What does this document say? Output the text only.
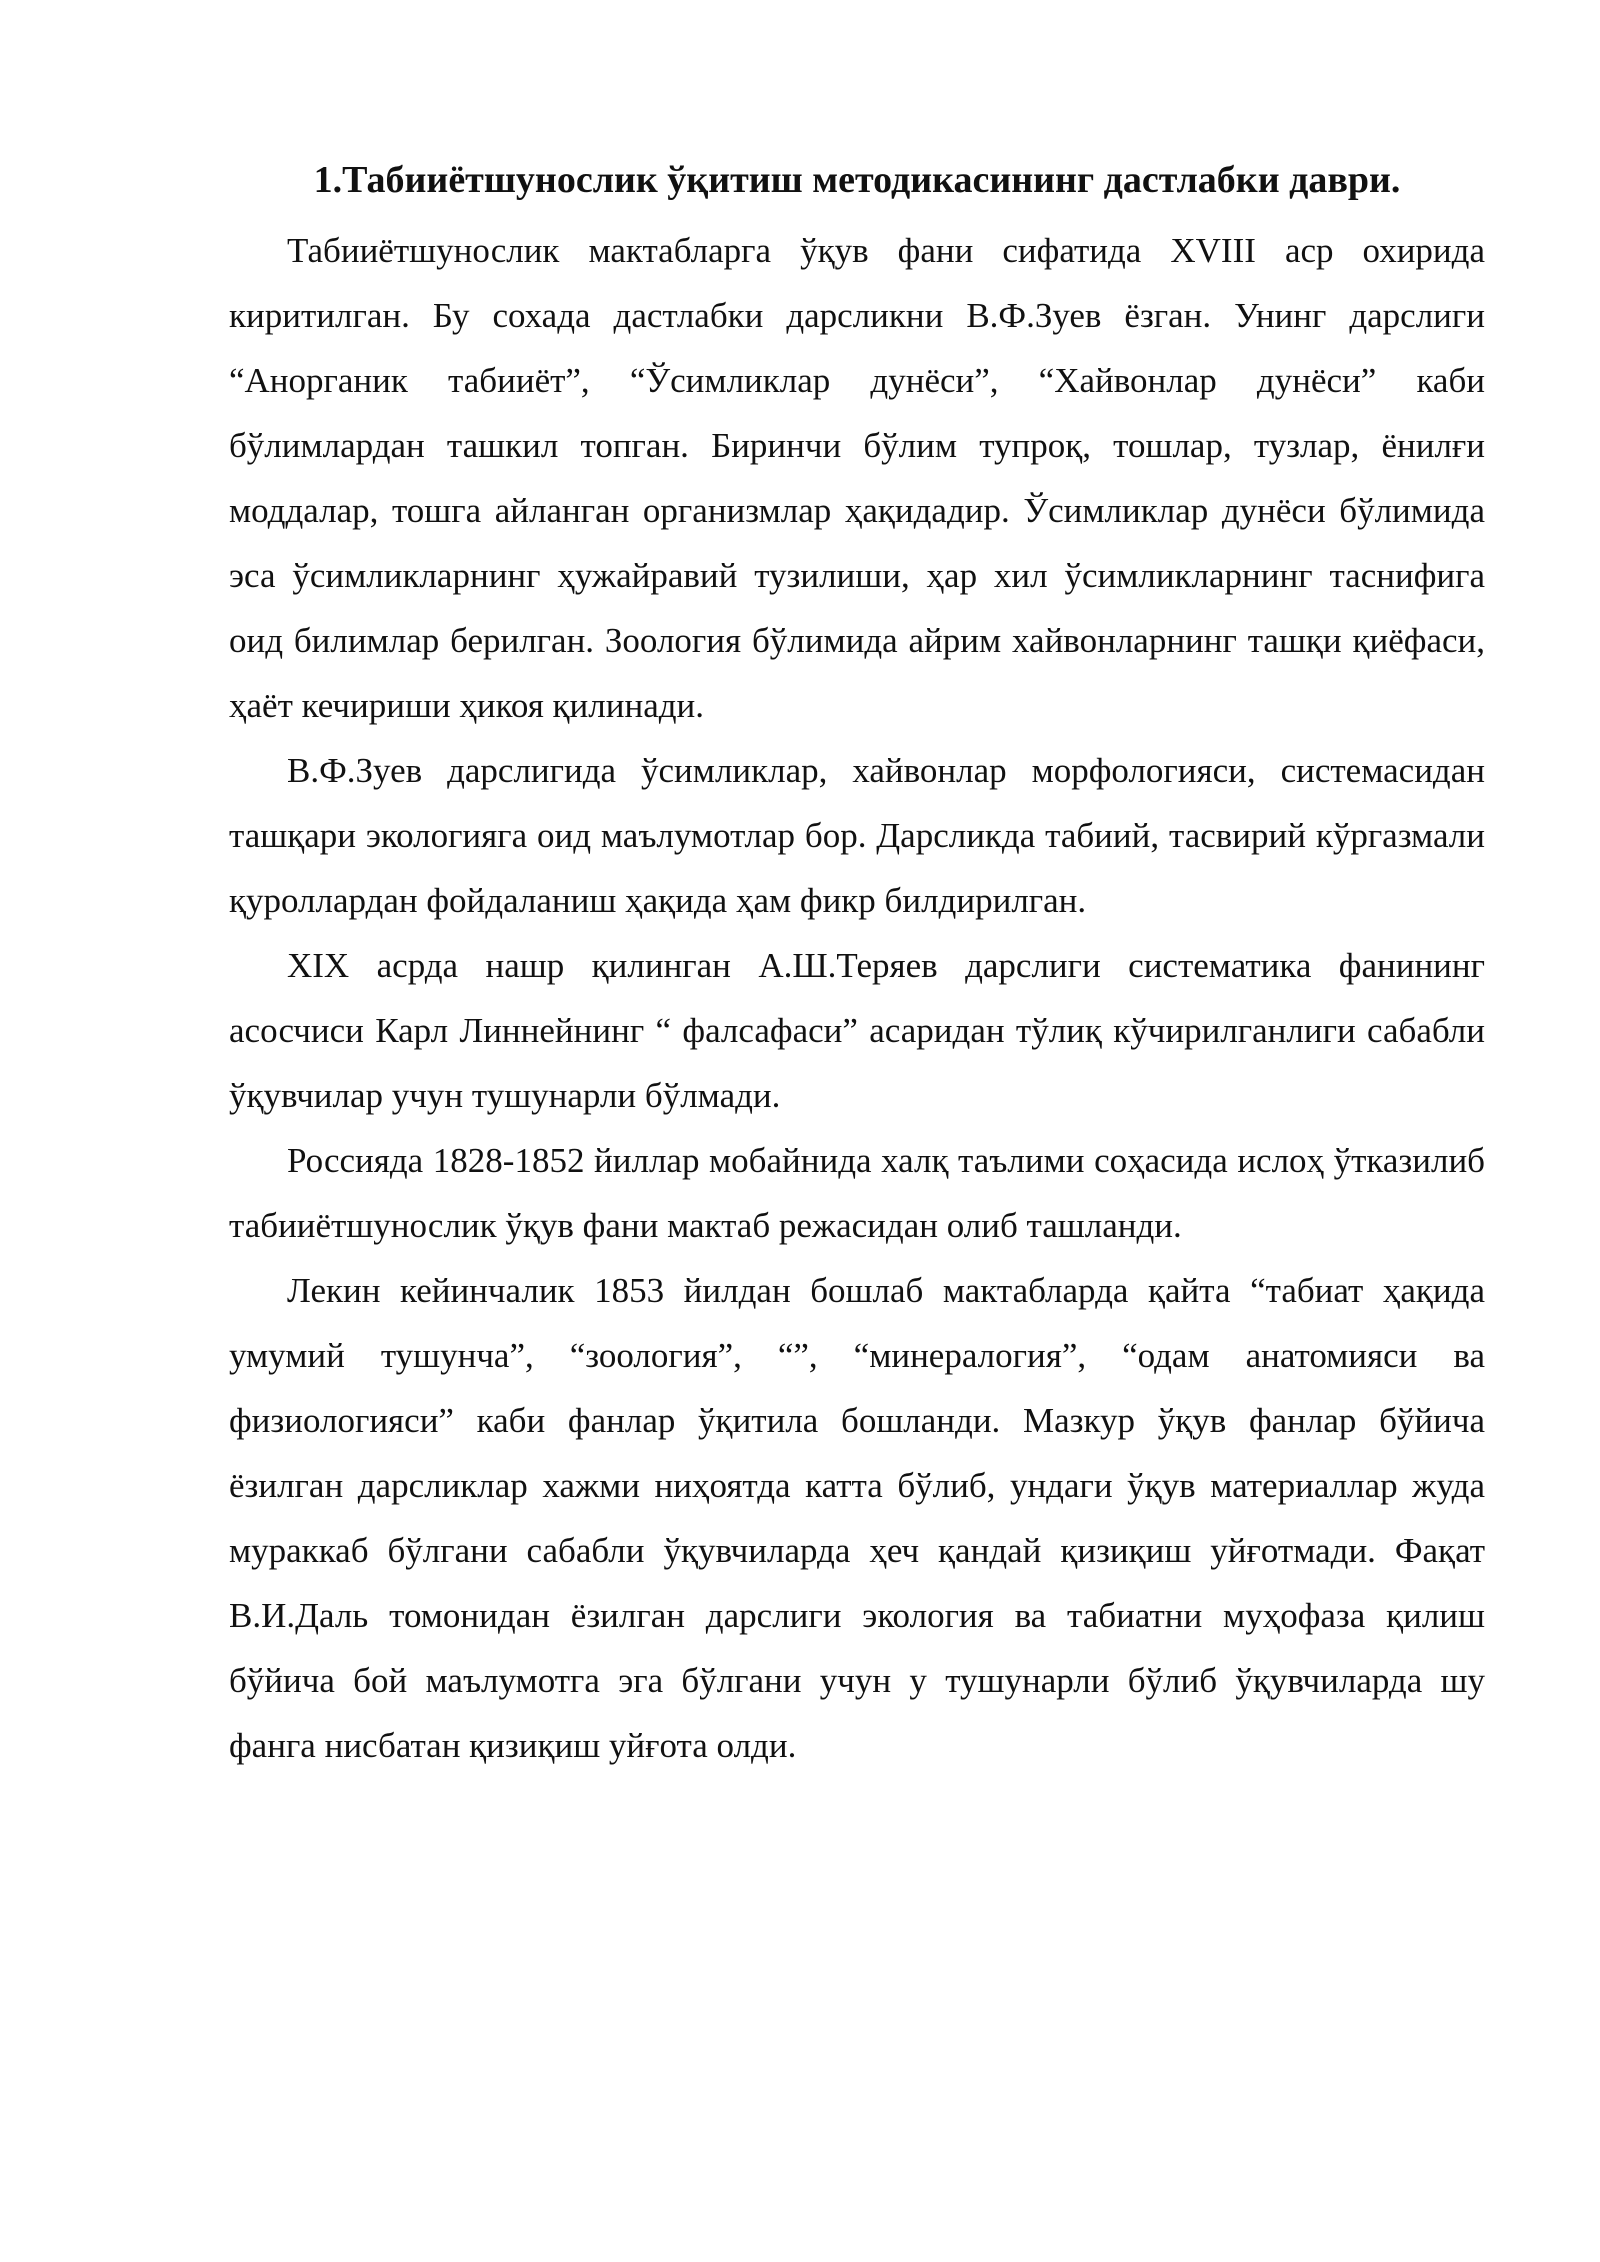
1.Табииётшунослик ўқитиш методикасининг дастлабки даври.

Табииётшунослик мактабларга ўқув фани сифатида XVIII аср охирида киритилган. Бу сохада дастлабки дарсликни В.Ф.Зуев ёзган. Унинг дарслиги “Анорганик табииёт”, “Ўсимликлар дунёси”, “Хайвонлар дунёси” каби бўлимлардан ташкил топган. Биринчи бўлим тупроқ, тошлар, тузлар, ёнилғи моддалар, тошга айланган организмлар ҳақидадир. Ўсимликлар дунёси бўлимида эса ўсимликларнинг ҳужайравий тузилиши, ҳар хил ўсимликларнинг таснифига оид билимлар берилган. Зоология бўлимида айрим хайвонларнинг ташқи қиёфаси, ҳаёт кечириши ҳикоя қилинади.

В.Ф.Зуев дарслигида ўсимликлар, хайвонлар морфологияси, системасидан ташқари экологияга оид маълумотлар бор. Дарсликда табиий, тасвирий кўргазмали қуроллардан фойдаланиш ҳақида ҳам фикр билдирилган.

XIX асрда нашр қилинган А.Ш.Теряев дарслиги систематика фанининг асосчиси Карл Линнейнинг “ фалсафаси” асаридан тўлиқ кўчирилганлиги сабабли ўқувчилар учун тушунарли бўлмади.

Россияда 1828-1852 йиллар мобайнида халқ таълими соҳасида ислоҳ ўтказилиб табииётшунослик ўқув фани мактаб режасидан олиб ташланди.

Лекин кейинчалик 1853 йилдан бошлаб мактабларда қайта “табиат ҳақида умумий тушунча”, “зоология”, “”, “минералогия”, “одам анатомияси ва физиологияси” каби фанлар ўқитила бошланди. Мазкур ўқув фанлар бўйича ёзилган дарсликлар хажми ниҳоятда катта бўлиб, ундаги ўқув материаллар жуда мураккаб бўлгани сабабли ўқувчиларда ҳеч қандай қизиқиш уйғотмади. Фақат В.И.Даль томонидан ёзилган дарслиги экология ва табиатни муҳофаза қилиш бўйича бой маълумотга эга бўлгани учун у тушунарли бўлиб ўқувчиларда шу фанга нисбатан қизиқиш уйғота олди.
